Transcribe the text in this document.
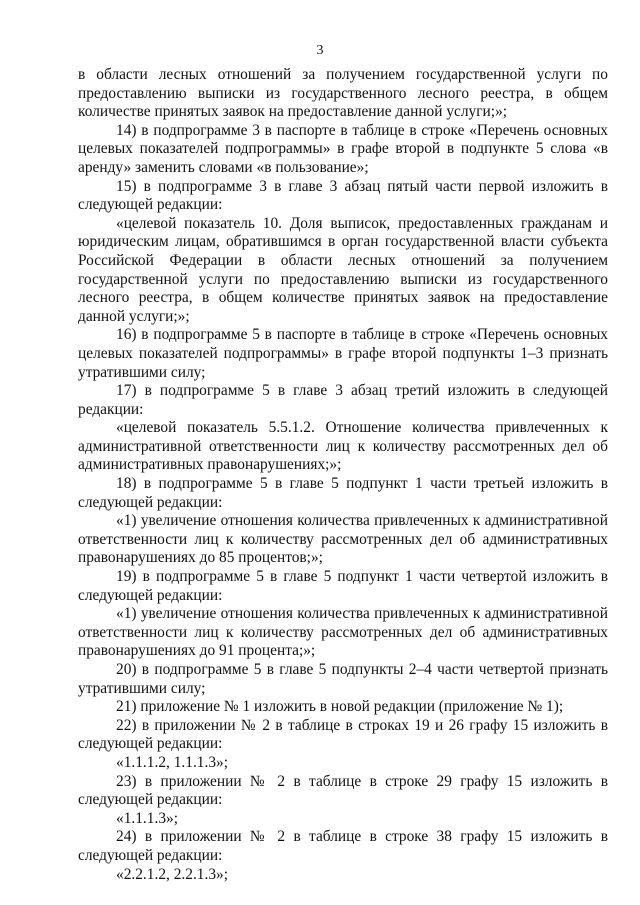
3

в области лесных отношений за получением государственной услуги по предоставлению выписки из государственного лесного реестра, в общем количестве принятых заявок на предоставление данной услуги;»;

14) в подпрограмме 3 в паспорте в таблице в строке «Перечень основных целевых показателей подпрограммы» в графе второй в подпункте 5 слова «в аренду» заменить словами «в пользование»;

15) в подпрограмме 3 в главе 3 абзац пятый части первой изложить в следующей редакции:

«целевой показатель 10. Доля выписок, предоставленных гражданам и юридическим лицам, обратившимся в орган государственной власти субъекта Российской Федерации в области лесных отношений за получением государственной услуги по предоставлению выписки из государственного лесного реестра, в общем количестве принятых заявок на предоставление данной услуги;»;

16) в подпрограмме 5 в паспорте в таблице в строке «Перечень основных целевых показателей подпрограммы» в графе второй подпункты 1–3 признать утратившими силу;

17) в подпрограмме 5 в главе 3 абзац третий изложить в следующей редакции:

«целевой показатель 5.5.1.2. Отношение количества привлеченных к административной ответственности лиц к количеству рассмотренных дел об административных правонарушениях;»;

18) в подпрограмме 5 в главе 5 подпункт 1 части третьей изложить в следующей редакции:

«1) увеличение отношения количества привлеченных к административной ответственности лиц к количеству рассмотренных дел об административных правонарушениях до 85 процентов;»;

19) в подпрограмме 5 в главе 5 подпункт 1 части четвертой изложить в следующей редакции:

«1) увеличение отношения количества привлеченных к административной ответственности лиц к количеству рассмотренных дел об административных правонарушениях до 91 процента;»;

20) в подпрограмме 5 в главе 5 подпункты 2–4 части четвертой признать утратившими силу;

21) приложение № 1 изложить в новой редакции (приложение № 1);

22) в приложении № 2 в таблице в строках 19 и 26 графу 15 изложить в следующей редакции:

«1.1.1.2, 1.1.1.3»;

23) в приложении № 2 в таблице в строке 29 графу 15 изложить в следующей редакции:

«1.1.1.3»;

24) в приложении № 2 в таблице в строке 38 графу 15 изложить в следующей редакции:

«2.2.1.2, 2.2.1.3»;
